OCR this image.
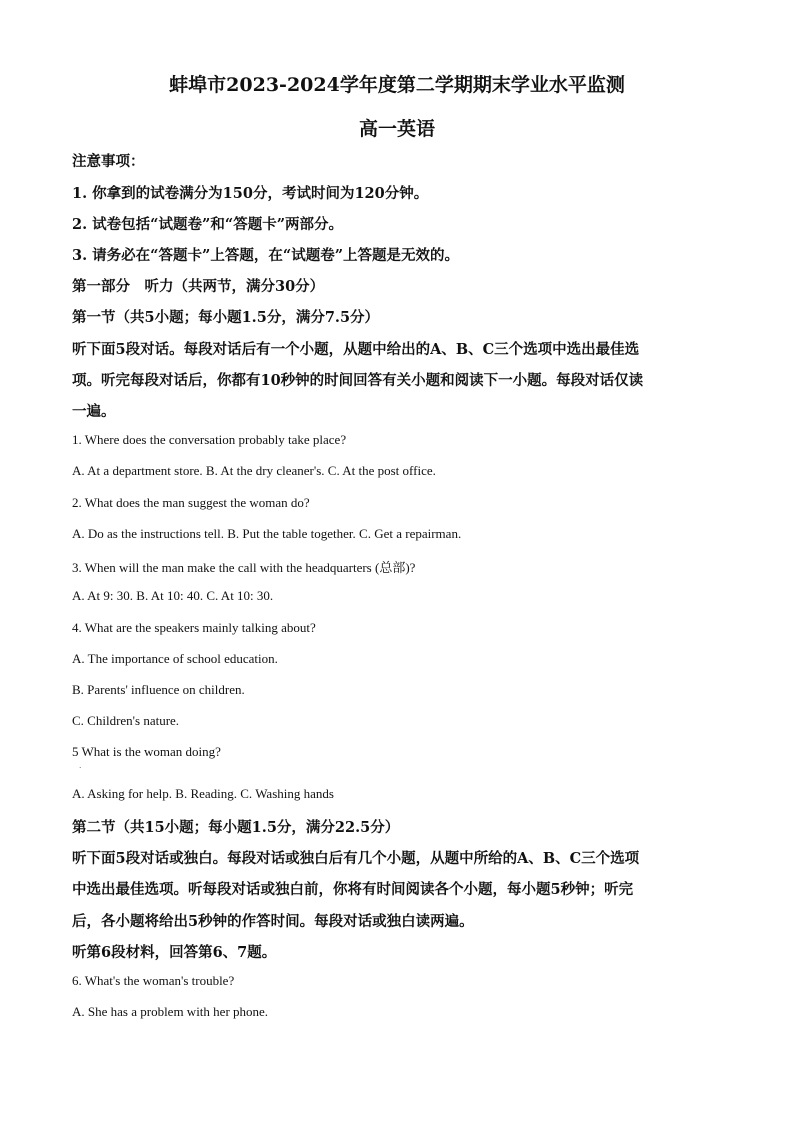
蚌埠市2023-2024学年度第二学期期末学业水平监测
高一英语
注意事项：
1. 你拿到的试卷满分为150分，考试时间为120分钟。
2. 试卷包括“试题卷”和“答题卡”两部分。
3. 请务必在“答题卡”上答题，在“试题卷”上答题是无效的。
第一部分　听力（共两节，满分30分）
第一节（共5小题；每小题1.5分，满分7.5分）
听下面5段对话。每段对话后有一个小题，从题中给出的A、B、C三个选项中选出最佳选
项。听完每段对话后，你都有10秒钟的时间回答有关小题和阅读下一小题。每段对话仅读
一遍。
1. Where does the conversation probably take place?
A. At a department store. B. At the dry cleaner's. C. At the post office.
2. What does the man suggest the woman do?
A. Do as the instructions tell. B. Put the table together. C. Get a repairman.
3. When will the man make the call with the headquarters (总部)?
A. At 9: 30. B. At 10: 40. C. At 10: 30.
4. What are the speakers mainly talking about?
A. The importance of school education.
B. Parents' influence on children.
C. Children's nature.
5 What is the woman doing?
·
A. Asking for help. B. Reading. C. Washing hands
第二节（共15小题；每小题1.5分，满分22.5分）
听下面5段对话或独白。每段对话或独白后有几个小题，从题中所给的A、B、C三个选项
中选出最佳选项。听每段对话或独白前，你将有时间阅读各个小题，每小题5秒钟；听完
后，各小题将给出5秒钟的作答时间。每段对话或独白读两遍。
听第6段材料，回答第6、7题。
6. What's the woman's trouble?
A. She has a problem with her phone.
